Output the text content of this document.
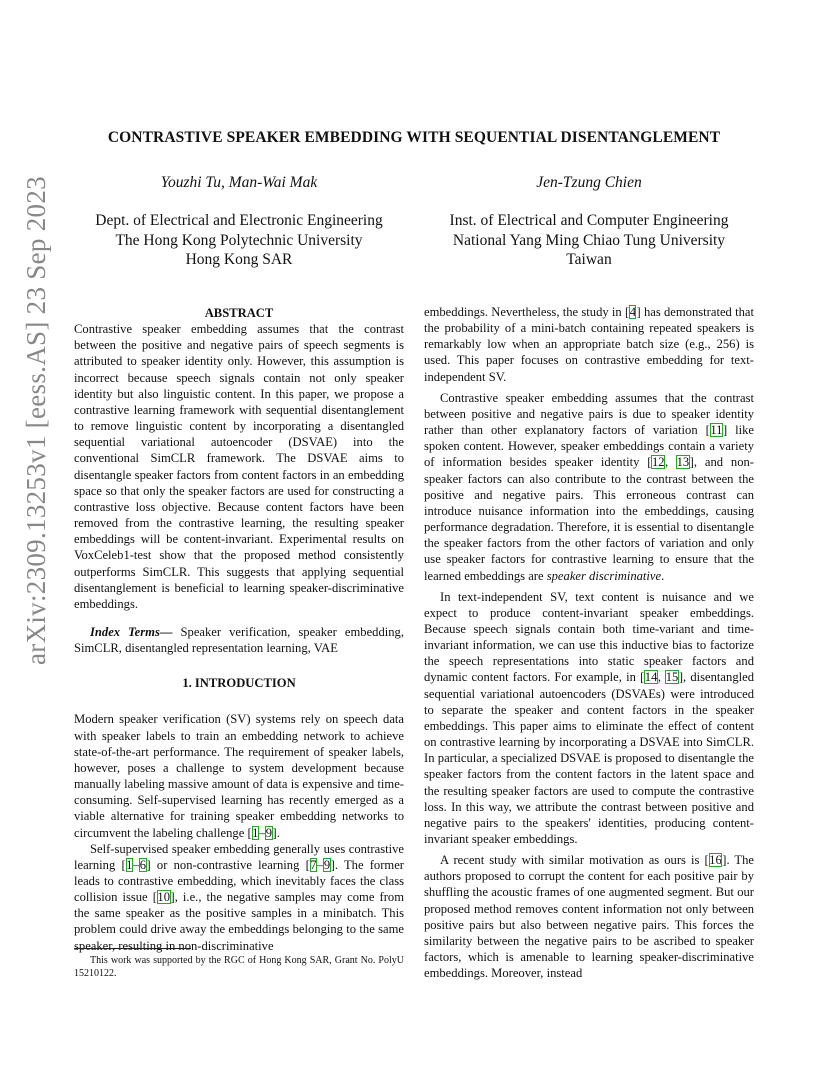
arXiv:2309.13253v1 [eess.AS] 23 Sep 2023
CONTRASTIVE SPEAKER EMBEDDING WITH SEQUENTIAL DISENTANGLEMENT
Youzhi Tu, Man-Wai Mak	Jen-Tzung Chien
Dept. of Electrical and Electronic Engineering
The Hong Kong Polytechnic University
Hong Kong SAR
Inst. of Electrical and Computer Engineering
National Yang Ming Chiao Tung University
Taiwan

ABSTRACT

Contrastive speaker embedding assumes that the contrast between the positive and negative pairs of speech segments is attributed to speaker identity only. However, this assumption is incorrect because speech signals contain not only speaker identity but also linguistic content. In this paper, we propose a contrastive learning framework with sequential disentanglement to remove linguistic content by incorporating a disentangled sequential variational autoencoder (DSVAE) into the conventional SimCLR framework. The DSVAE aims to disentangle speaker factors from content factors in an embedding space so that only the speaker factors are used for constructing a contrastive loss objective. Because content factors have been removed from the contrastive learning, the resulting speaker embeddings will be content-invariant. Experimental results on VoxCeleb1-test show that the proposed method consistently outperforms SimCLR. This suggests that applying sequential disentanglement is beneficial to learning speaker-discriminative embeddings.

Index Terms— Speaker verification, speaker embedding, SimCLR, disentangled representation learning, VAE

1. INTRODUCTION

Modern speaker verification (SV) systems rely on speech data with speaker labels to train an embedding network to achieve state-of-the-art performance. The requirement of speaker labels, however, poses a challenge to system development because manually labeling massive amount of data is expensive and time-consuming. Self-supervised learning has recently emerged as a viable alternative for training speaker embedding networks to circumvent the labeling challenge [1–9].

Self-supervised speaker embedding generally uses contrastive learning [1–6] or non-contrastive learning [7–9]. The former leads to contrastive embedding, which inevitably faces the class collision issue [10], i.e., the negative samples may come from the same speaker as the positive samples in a minibatch. This problem could drive away the embeddings belonging to the same speaker, resulting in non-discriminative

This work was supported by the RGC of Hong Kong SAR, Grant No. PolyU 15210122.

embeddings. Nevertheless, the study in [4] has demonstrated that the probability of a mini-batch containing repeated speakers is remarkably low when an appropriate batch size (e.g., 256) is used. This paper focuses on contrastive embedding for text-independent SV.

Contrastive speaker embedding assumes that the contrast between positive and negative pairs is due to speaker identity rather than other explanatory factors of variation [11] like spoken content. However, speaker embeddings contain a variety of information besides speaker identity [12, 13], and non-speaker factors can also contribute to the contrast between the positive and negative pairs. This erroneous contrast can introduce nuisance information into the embeddings, causing performance degradation. Therefore, it is essential to disentangle the speaker factors from the other factors of variation and only use speaker factors for contrastive learning to ensure that the learned embeddings are speaker discriminative.

In text-independent SV, text content is nuisance and we expect to produce content-invariant speaker embeddings. Because speech signals contain both time-variant and time-invariant information, we can use this inductive bias to factorize the speech representations into static speaker factors and dynamic content factors. For example, in [14, 15], disentangled sequential variational autoencoders (DSVAEs) were introduced to separate the speaker and content factors in the speaker embeddings. This paper aims to eliminate the effect of content on contrastive learning by incorporating a DSVAE into SimCLR. In particular, a specialized DSVAE is proposed to disentangle the speaker factors from the content factors in the latent space and the resulting speaker factors are used to compute the contrastive loss. In this way, we attribute the contrast between positive and negative pairs to the speakers' identities, producing content-invariant speaker embeddings.

A recent study with similar motivation as ours is [16]. The authors proposed to corrupt the content for each positive pair by shuffling the acoustic frames of one augmented segment. But our proposed method removes content information not only between positive pairs but also between negative pairs. This forces the similarity between the negative pairs to be ascribed to speaker factors, which is amenable to learning speaker-discriminative embeddings. Moreover, instead
